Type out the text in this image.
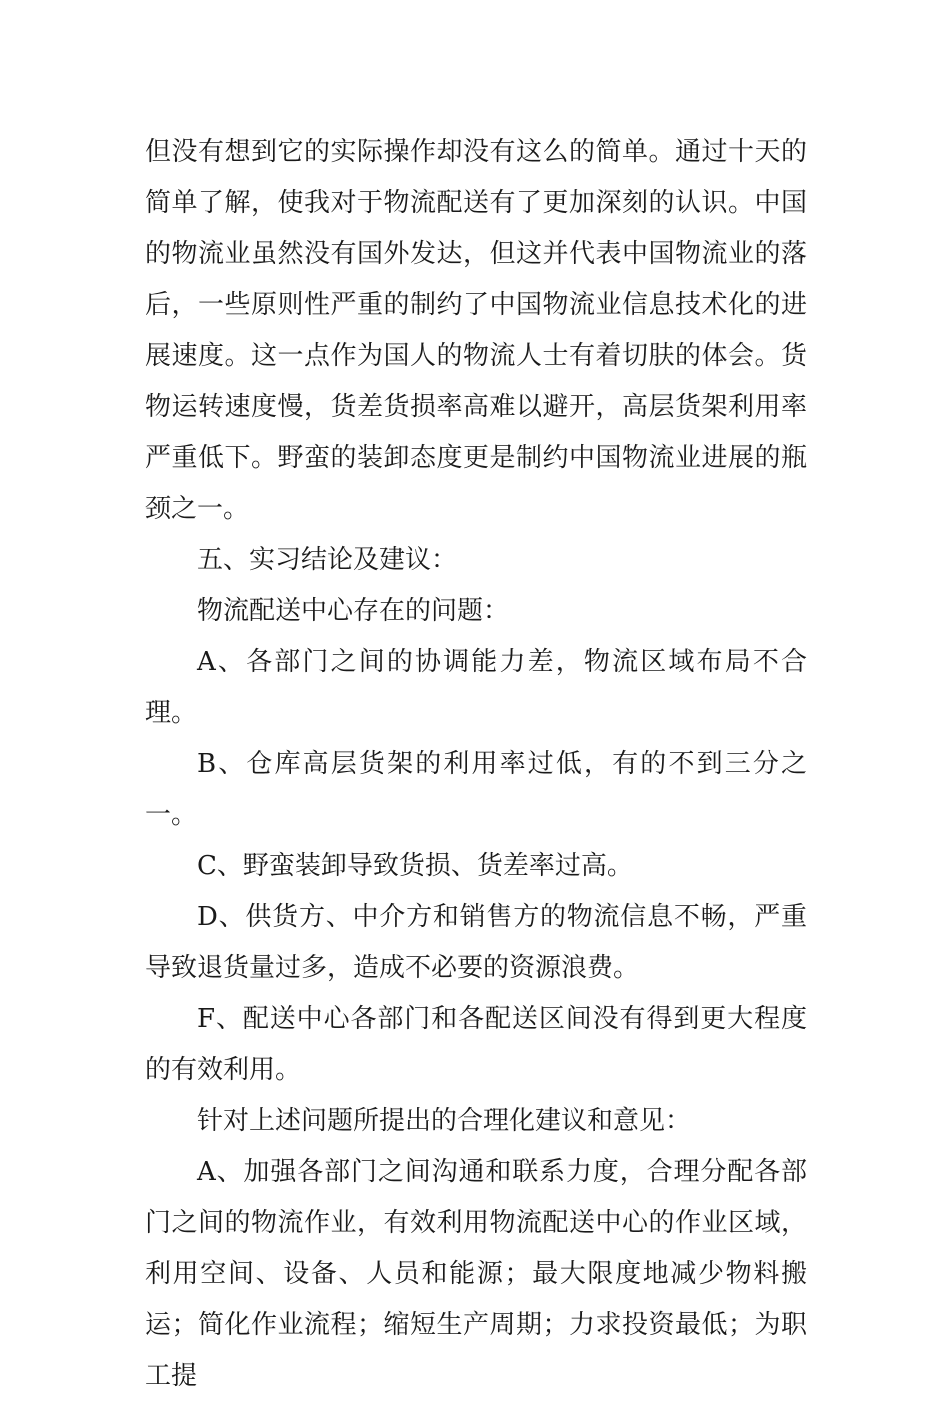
但没有想到它的实际操作却没有这么的简单。通过十天的简单了解，使我对于物流配送有了更加深刻的认识。中国的物流业虽然没有国外发达，但这并代表中国物流业的落后，一些原则性严重的制约了中国物流业信息技术化的进展速度。这一点作为国人的物流人士有着切肤的体会。货物运转速度慢，货差货损率高难以避开，高层货架利用率严重低下。野蛮的装卸态度更是制约中国物流业进展的瓶颈之一。

五、实习结论及建议：

物流配送中心存在的问题：

A、各部门之间的协调能力差，物流区域布局不合理。

B、仓库高层货架的利用率过低，有的不到三分之一。

C、野蛮装卸导致货损、货差率过高。

D、供货方、中介方和销售方的物流信息不畅，严重导致退货量过多，造成不必要的资源浪费。

F、配送中心各部门和各配送区间没有得到更大程度的有效利用。

针对上述问题所提出的合理化建议和意见：

A、加强各部门之间沟通和联系力度，合理分配各部门之间的物流作业，有效利用物流配送中心的作业区域，利用空间、设备、人员和能源；最大限度地减少物料搬运；简化作业流程；缩短生产周期；力求投资最低；为职工提
